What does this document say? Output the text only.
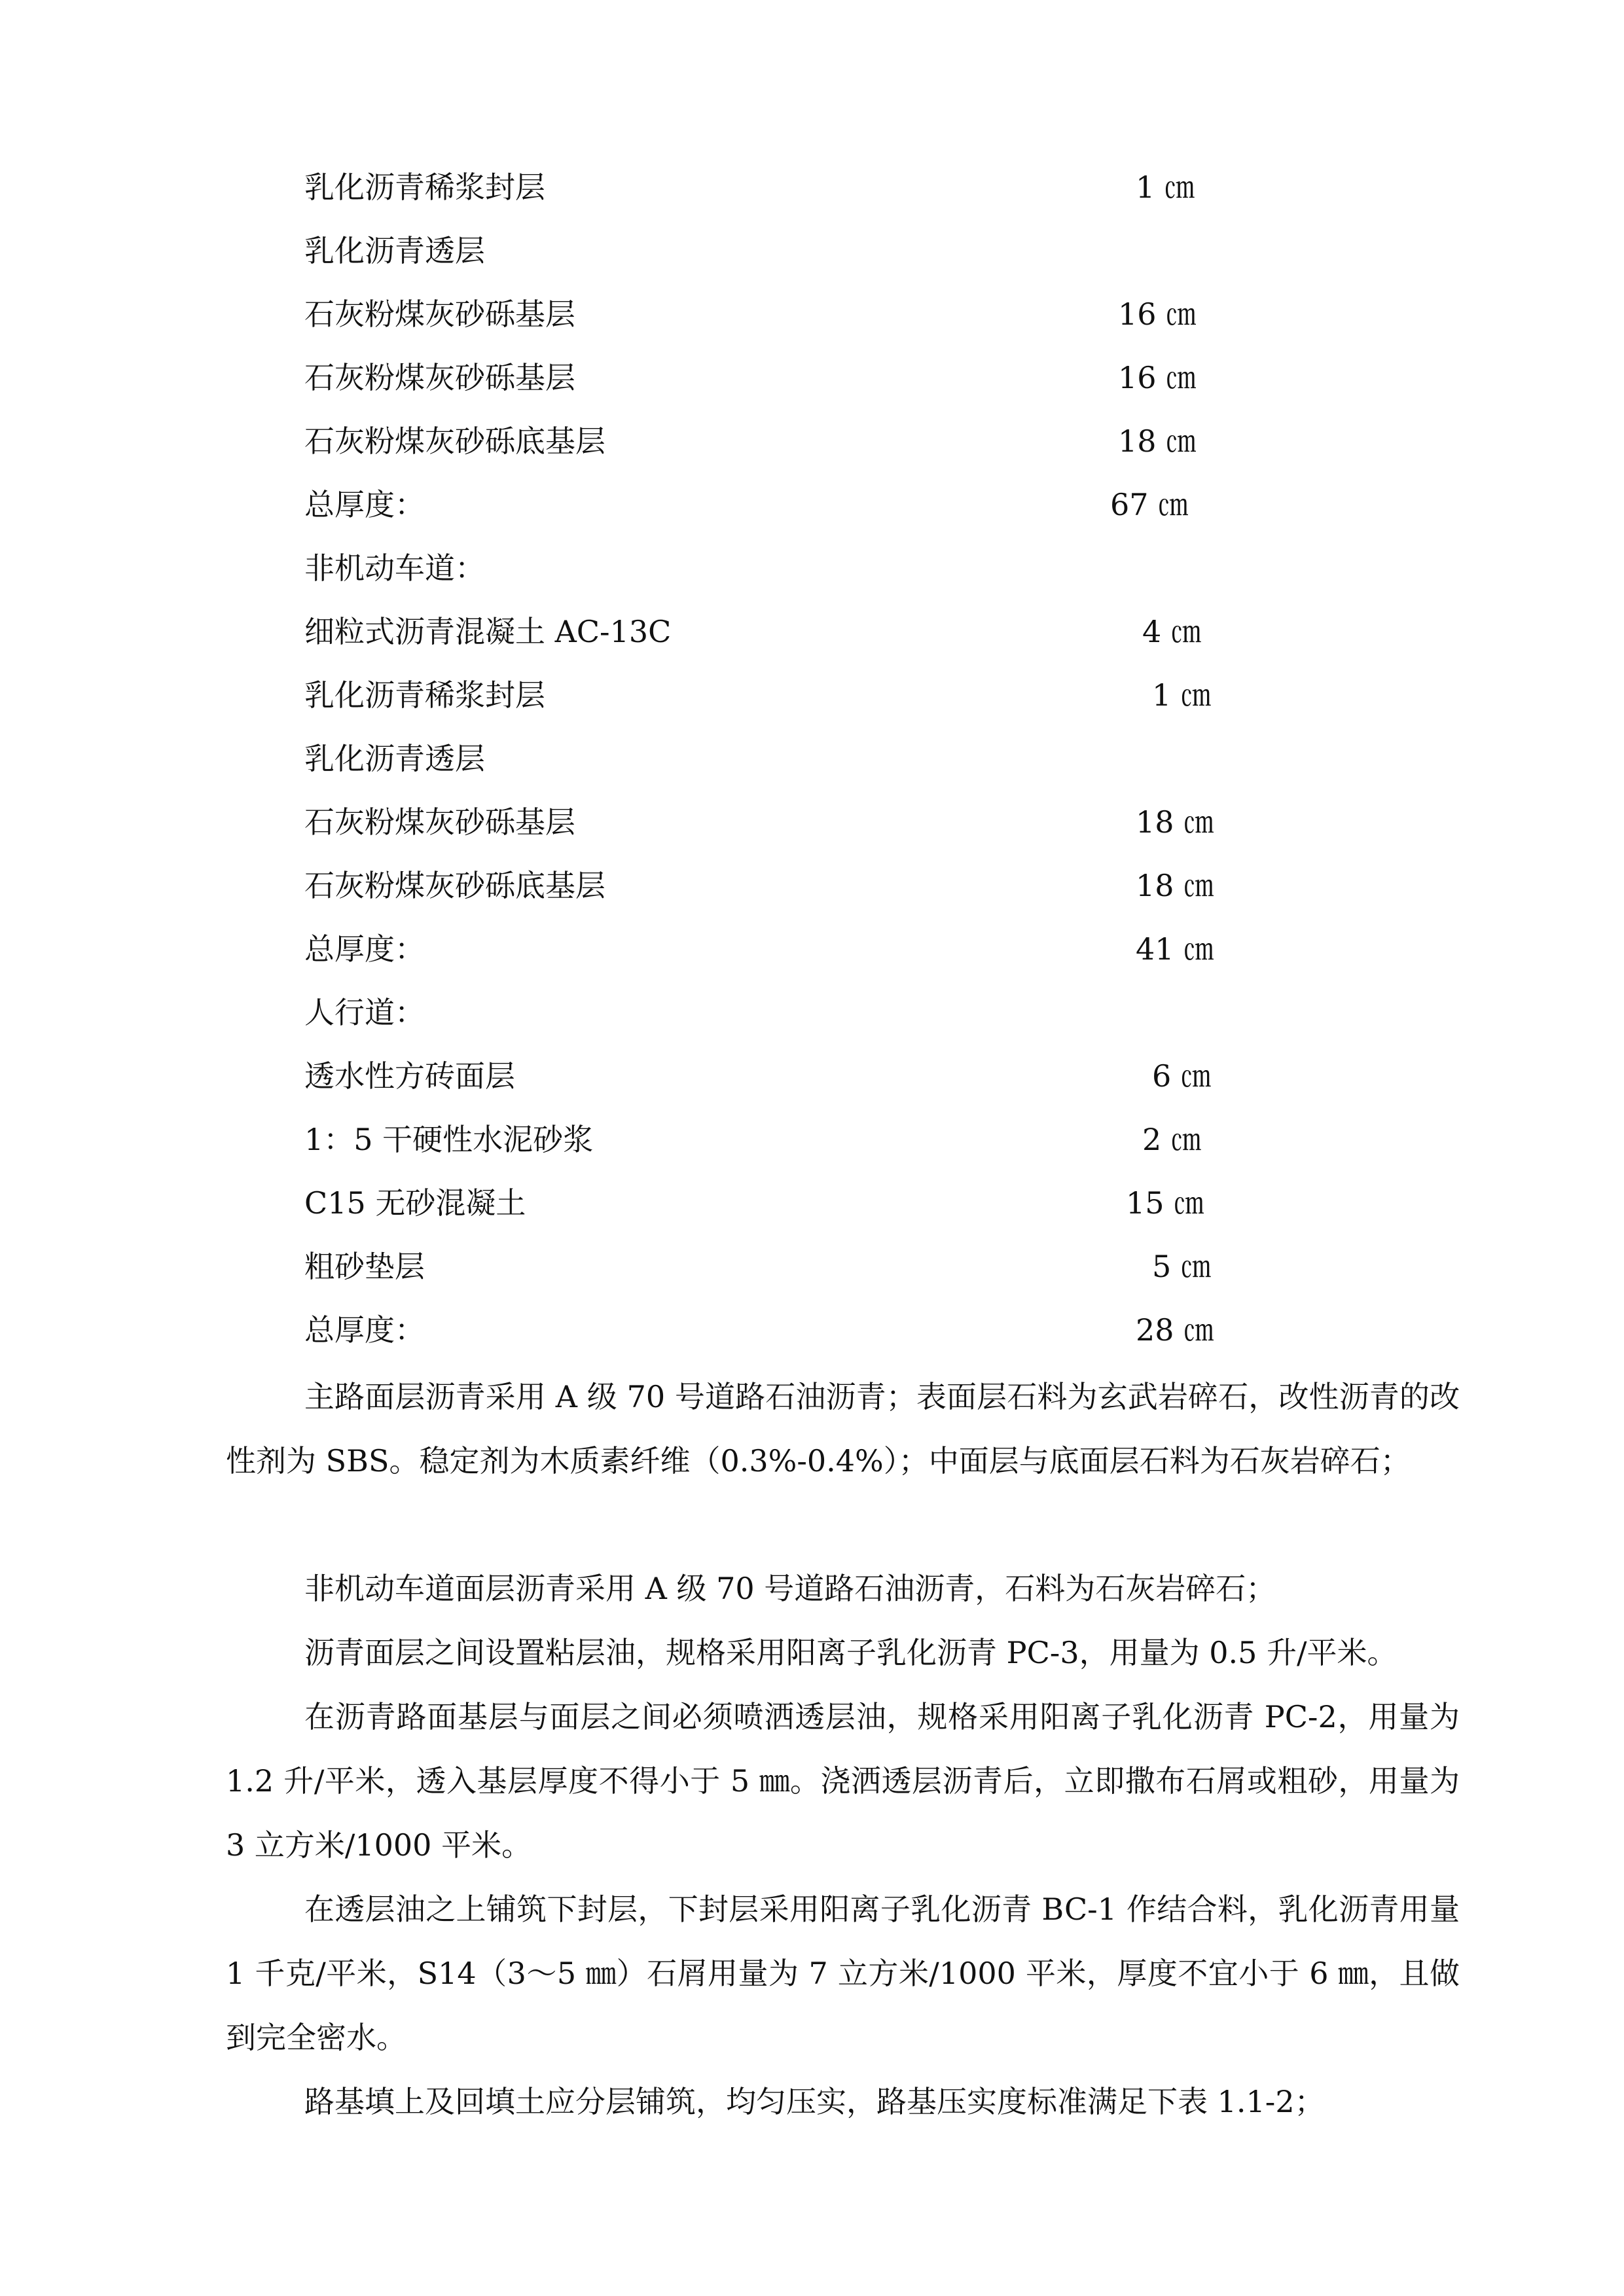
乳化沥青稀浆封层	1 ㎝
乳化沥青透层
石灰粉煤灰砂砾基层	16 ㎝
石灰粉煤灰砂砾基层	16 ㎝
石灰粉煤灰砂砾底基层	18 ㎝
总厚度：	67 ㎝
非机动车道：
细粒式沥青混凝土 AC-13C	4 ㎝
乳化沥青稀浆封层	1 ㎝
乳化沥青透层
石灰粉煤灰砂砾基层	18 ㎝
石灰粉煤灰砂砾底基层	18 ㎝
总厚度：	41 ㎝
人行道：
透水性方砖面层	6 ㎝
1：5 干硬性水泥砂浆	2 ㎝
C15 无砂混凝土	15 ㎝
粗砂垫层	5 ㎝
总厚度：	28 ㎝

主路面层沥青采用 A 级 70 号道路石油沥青；表面层石料为玄武岩碎石，改性沥青的改性剂为 SBS。稳定剂为木质素纤维（0.3%-0.4%）；中面层与底面层石料为石灰岩碎石；

非机动车道面层沥青采用 A 级 70 号道路石油沥青，石料为石灰岩碎石；

沥青面层之间设置粘层油，规格采用阳离子乳化沥青 PC-3，用量为 0.5 升/平米。

在沥青路面基层与面层之间必须喷洒透层油，规格采用阳离子乳化沥青 PC-2，用量为 1.2 升/平米，透入基层厚度不得小于 5 ㎜。浇洒透层沥青后，立即撒布石屑或粗砂，用量为 3 立方米/1000 平米。

在透层油之上铺筑下封层，下封层采用阳离子乳化沥青 BC-1 作结合料，乳化沥青用量 1 千克/平米，S14（3～5 ㎜）石屑用量为 7 立方米/1000 平米，厚度不宜小于 6 ㎜，且做到完全密水。

路基填上及回填土应分层铺筑，均匀压实，路基压实度标准满足下表 1.1-2；
